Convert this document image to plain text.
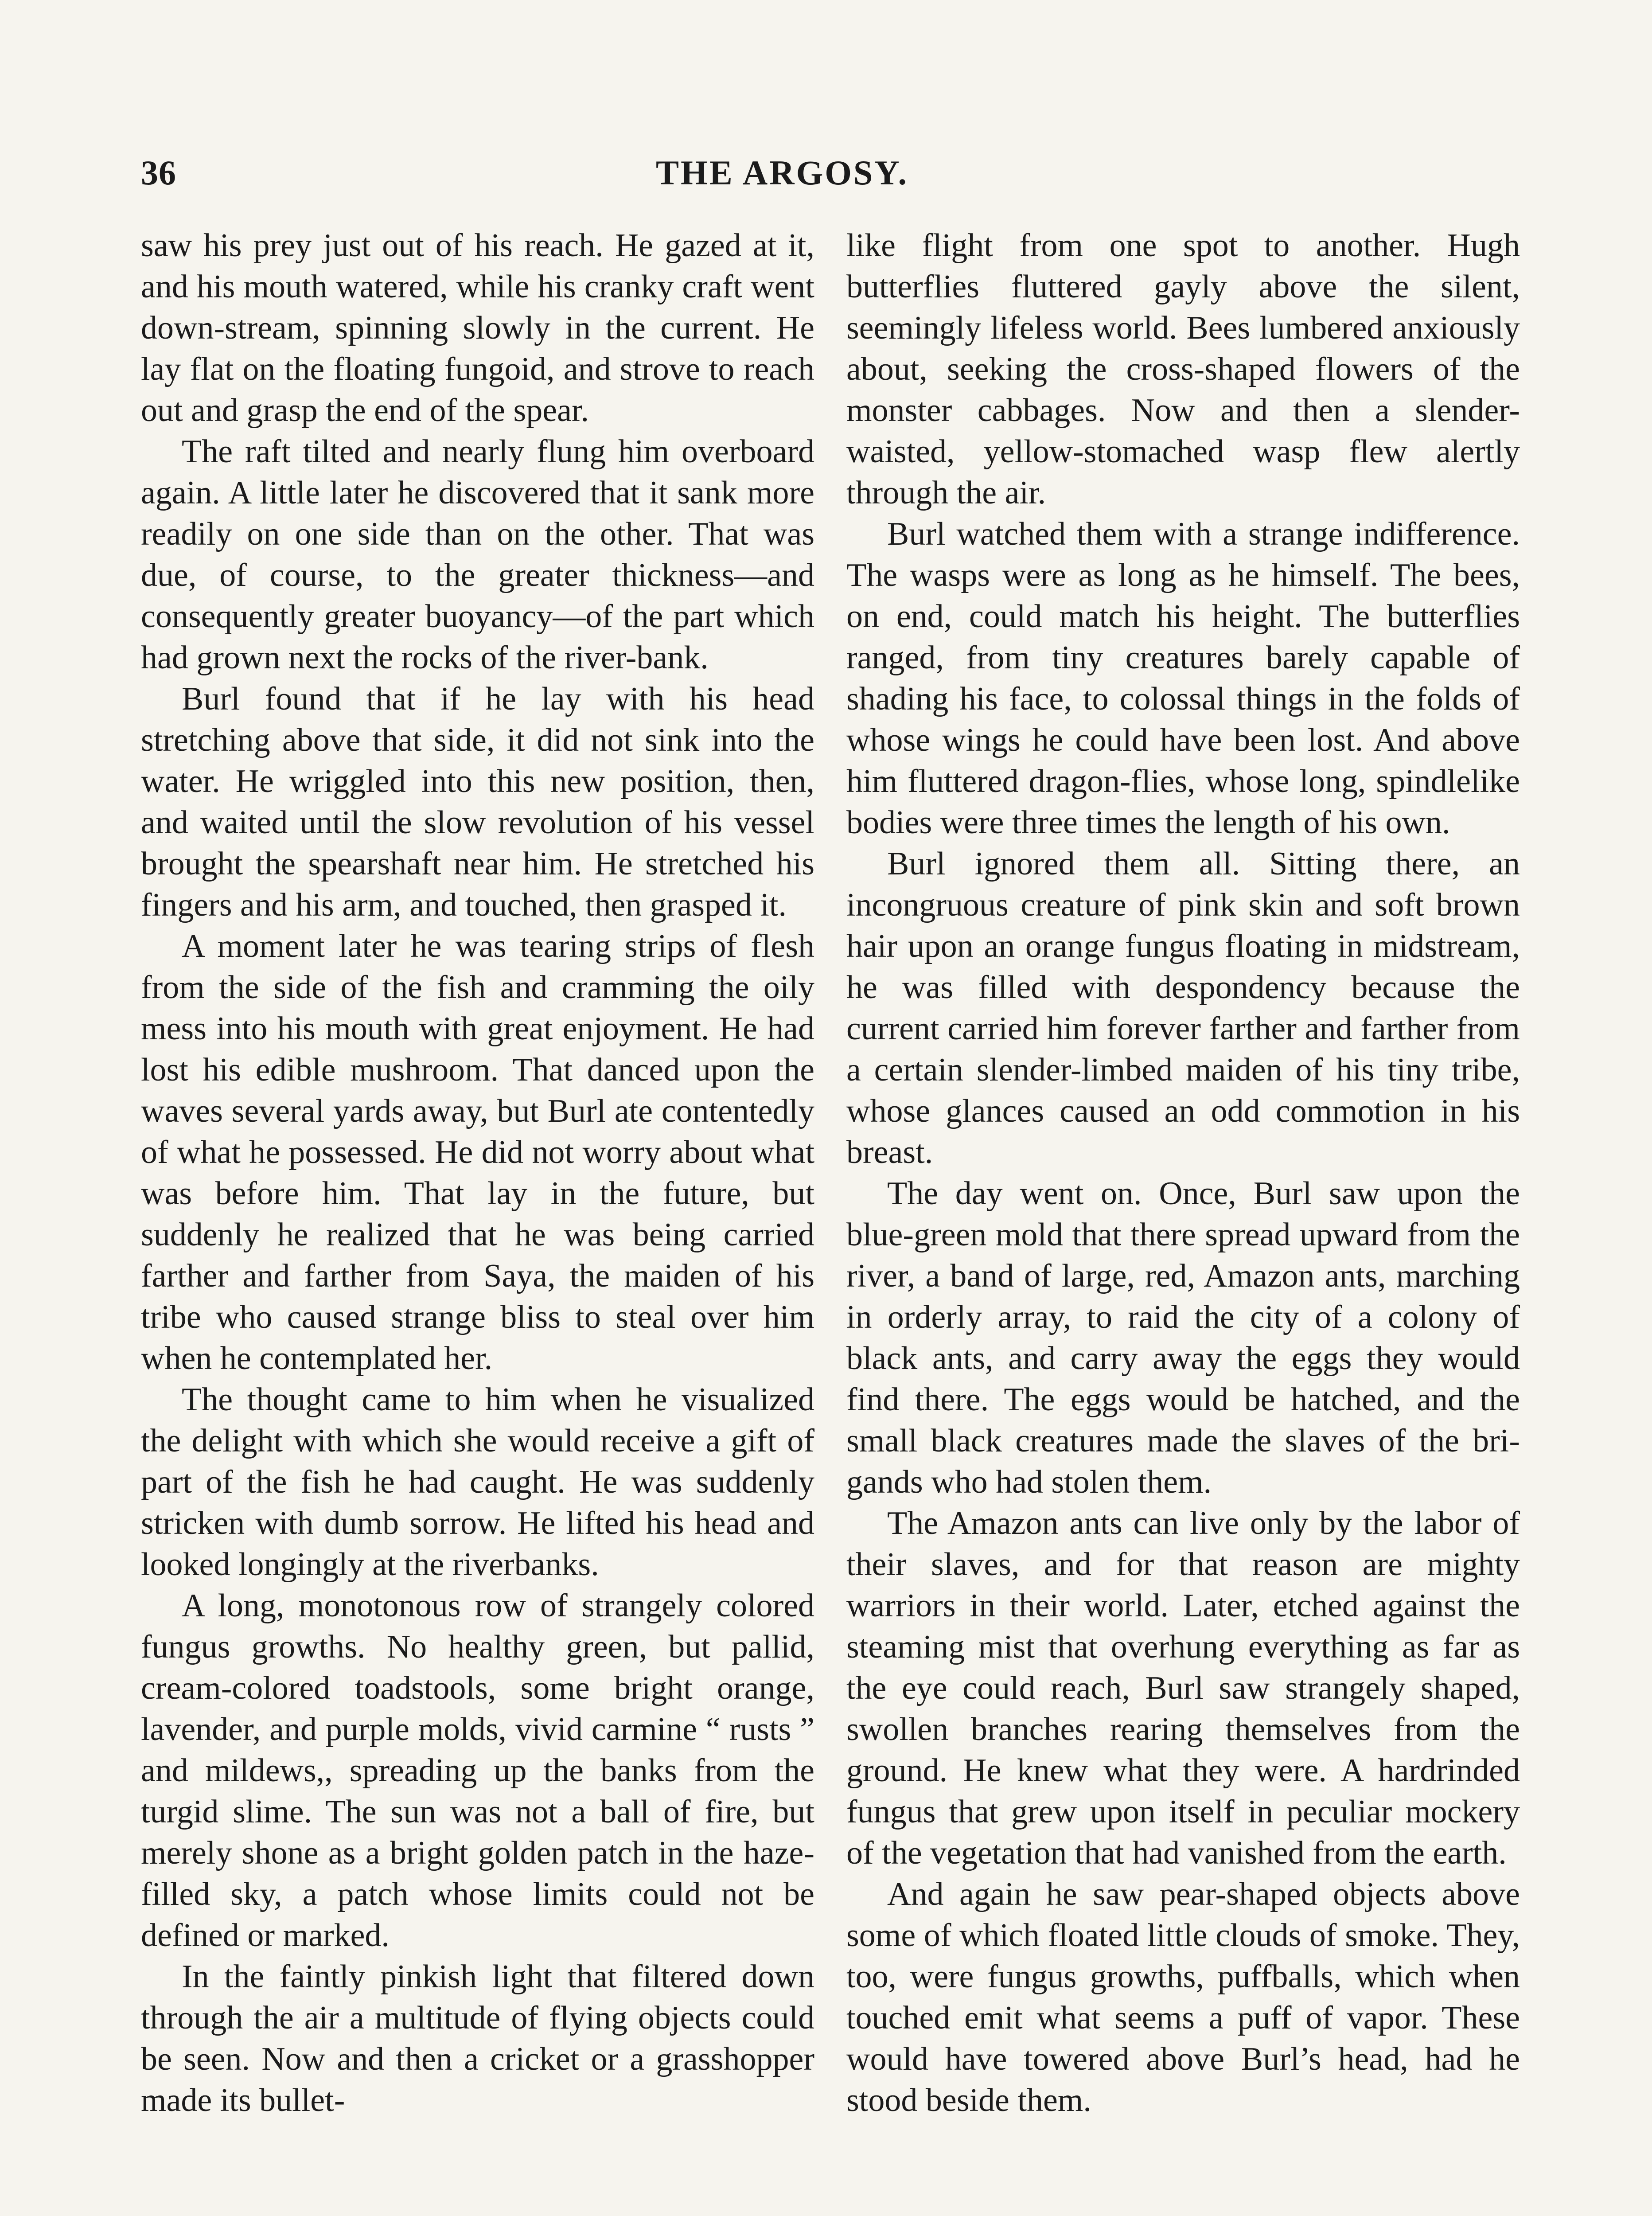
36	THE ARGOSY.

saw his prey just out of his reach. He gazed at it, and his mouth watered, while his cranky craft went down-stream, spinning slowly in the current. He lay flat on the floating fungoid, and strove to reach out and grasp the end of the spear.

The raft tilted and nearly flung him overboard again. A little later he discovered that it sank more readily on one side than on the other. That was due, of course, to the greater thickness—and consequently greater buoyancy—of the part which had grown next the rocks of the river-bank.

Burl found that if he lay with his head stretching above that side, it did not sink into the water. He wriggled into this new position, then, and waited until the slow revolution of his vessel brought the spearshaft near him. He stretched his fingers and his arm, and touched, then grasped it.

A moment later he was tearing strips of flesh from the side of the fish and cramming the oily mess into his mouth with great enjoyment. He had lost his edible mushroom. That danced upon the waves several yards away, but Burl ate contentedly of what he possessed. He did not worry about what was before him. That lay in the future, but suddenly he realized that he was being carried farther and farther from Saya, the maiden of his tribe who caused strange bliss to steal over him when he contemplated her.

The thought came to him when he visualized the delight with which she would receive a gift of part of the fish he had caught. He was suddenly stricken with dumb sorrow. He lifted his head and looked longingly at the riverbanks.

A long, monotonous row of strangely colored fungus growths. No healthy green, but pallid, cream-colored toadstools, some bright orange, lavender, and purple molds, vivid carmine “ rusts ” and mildews,, spreading up the banks from the turgid slime. The sun was not a ball of fire, but merely shone as a bright golden patch in the haze-filled sky, a patch whose limits could not be defined or marked.

In the faintly pinkish light that filtered down through the air a multitude of flying objects could be seen. Now and then a cricket or a grasshopper made its bullet-

like flight from one spot to another. Hugh butterflies fluttered gayly above the silent, seemingly lifeless world. Bees lumbered anxiously about, seeking the cross-shaped flowers of the monster cabbages. Now and then a slender-waisted, yellow-stomached wasp flew alertly through the air.

Burl watched them with a strange indifference. The wasps were as long as he himself. The bees, on end, could match his height. The butterflies ranged, from tiny creatures barely capable of shading his face, to colossal things in the folds of whose wings he could have been lost. And above him fluttered dragon-flies, whose long, spindlelike bodies were three times the length of his own.

Burl ignored them all. Sitting there, an incongruous creature of pink skin and soft brown hair upon an orange fungus floating in midstream, he was filled with despondency because the current carried him forever farther and farther from a certain slender-limbed maiden of his tiny tribe, whose glances caused an odd commotion in his breast.

The day went on. Once, Burl saw upon the blue-green mold that there spread upward from the river, a band of large, red, Amazon ants, marching in orderly array, to raid the city of a colony of black ants, and carry away the eggs they would find there. The eggs would be hatched, and the small black creatures made the slaves of the brigands who had stolen them.

The Amazon ants can live only by the labor of their slaves, and for that reason are mighty warriors in their world. Later, etched against the steaming mist that overhung everything as far as the eye could reach, Burl saw strangely shaped, swollen branches rearing themselves from the ground. He knew what they were. A hardrinded fungus that grew upon itself in peculiar mockery of the vegetation that had vanished from the earth.

And again he saw pear-shaped objects above some of which floated little clouds of smoke. They, too, were fungus growths, puffballs, which when touched emit what seems a puff of vapor. These would have towered above Burl’s head, had he stood beside them.
